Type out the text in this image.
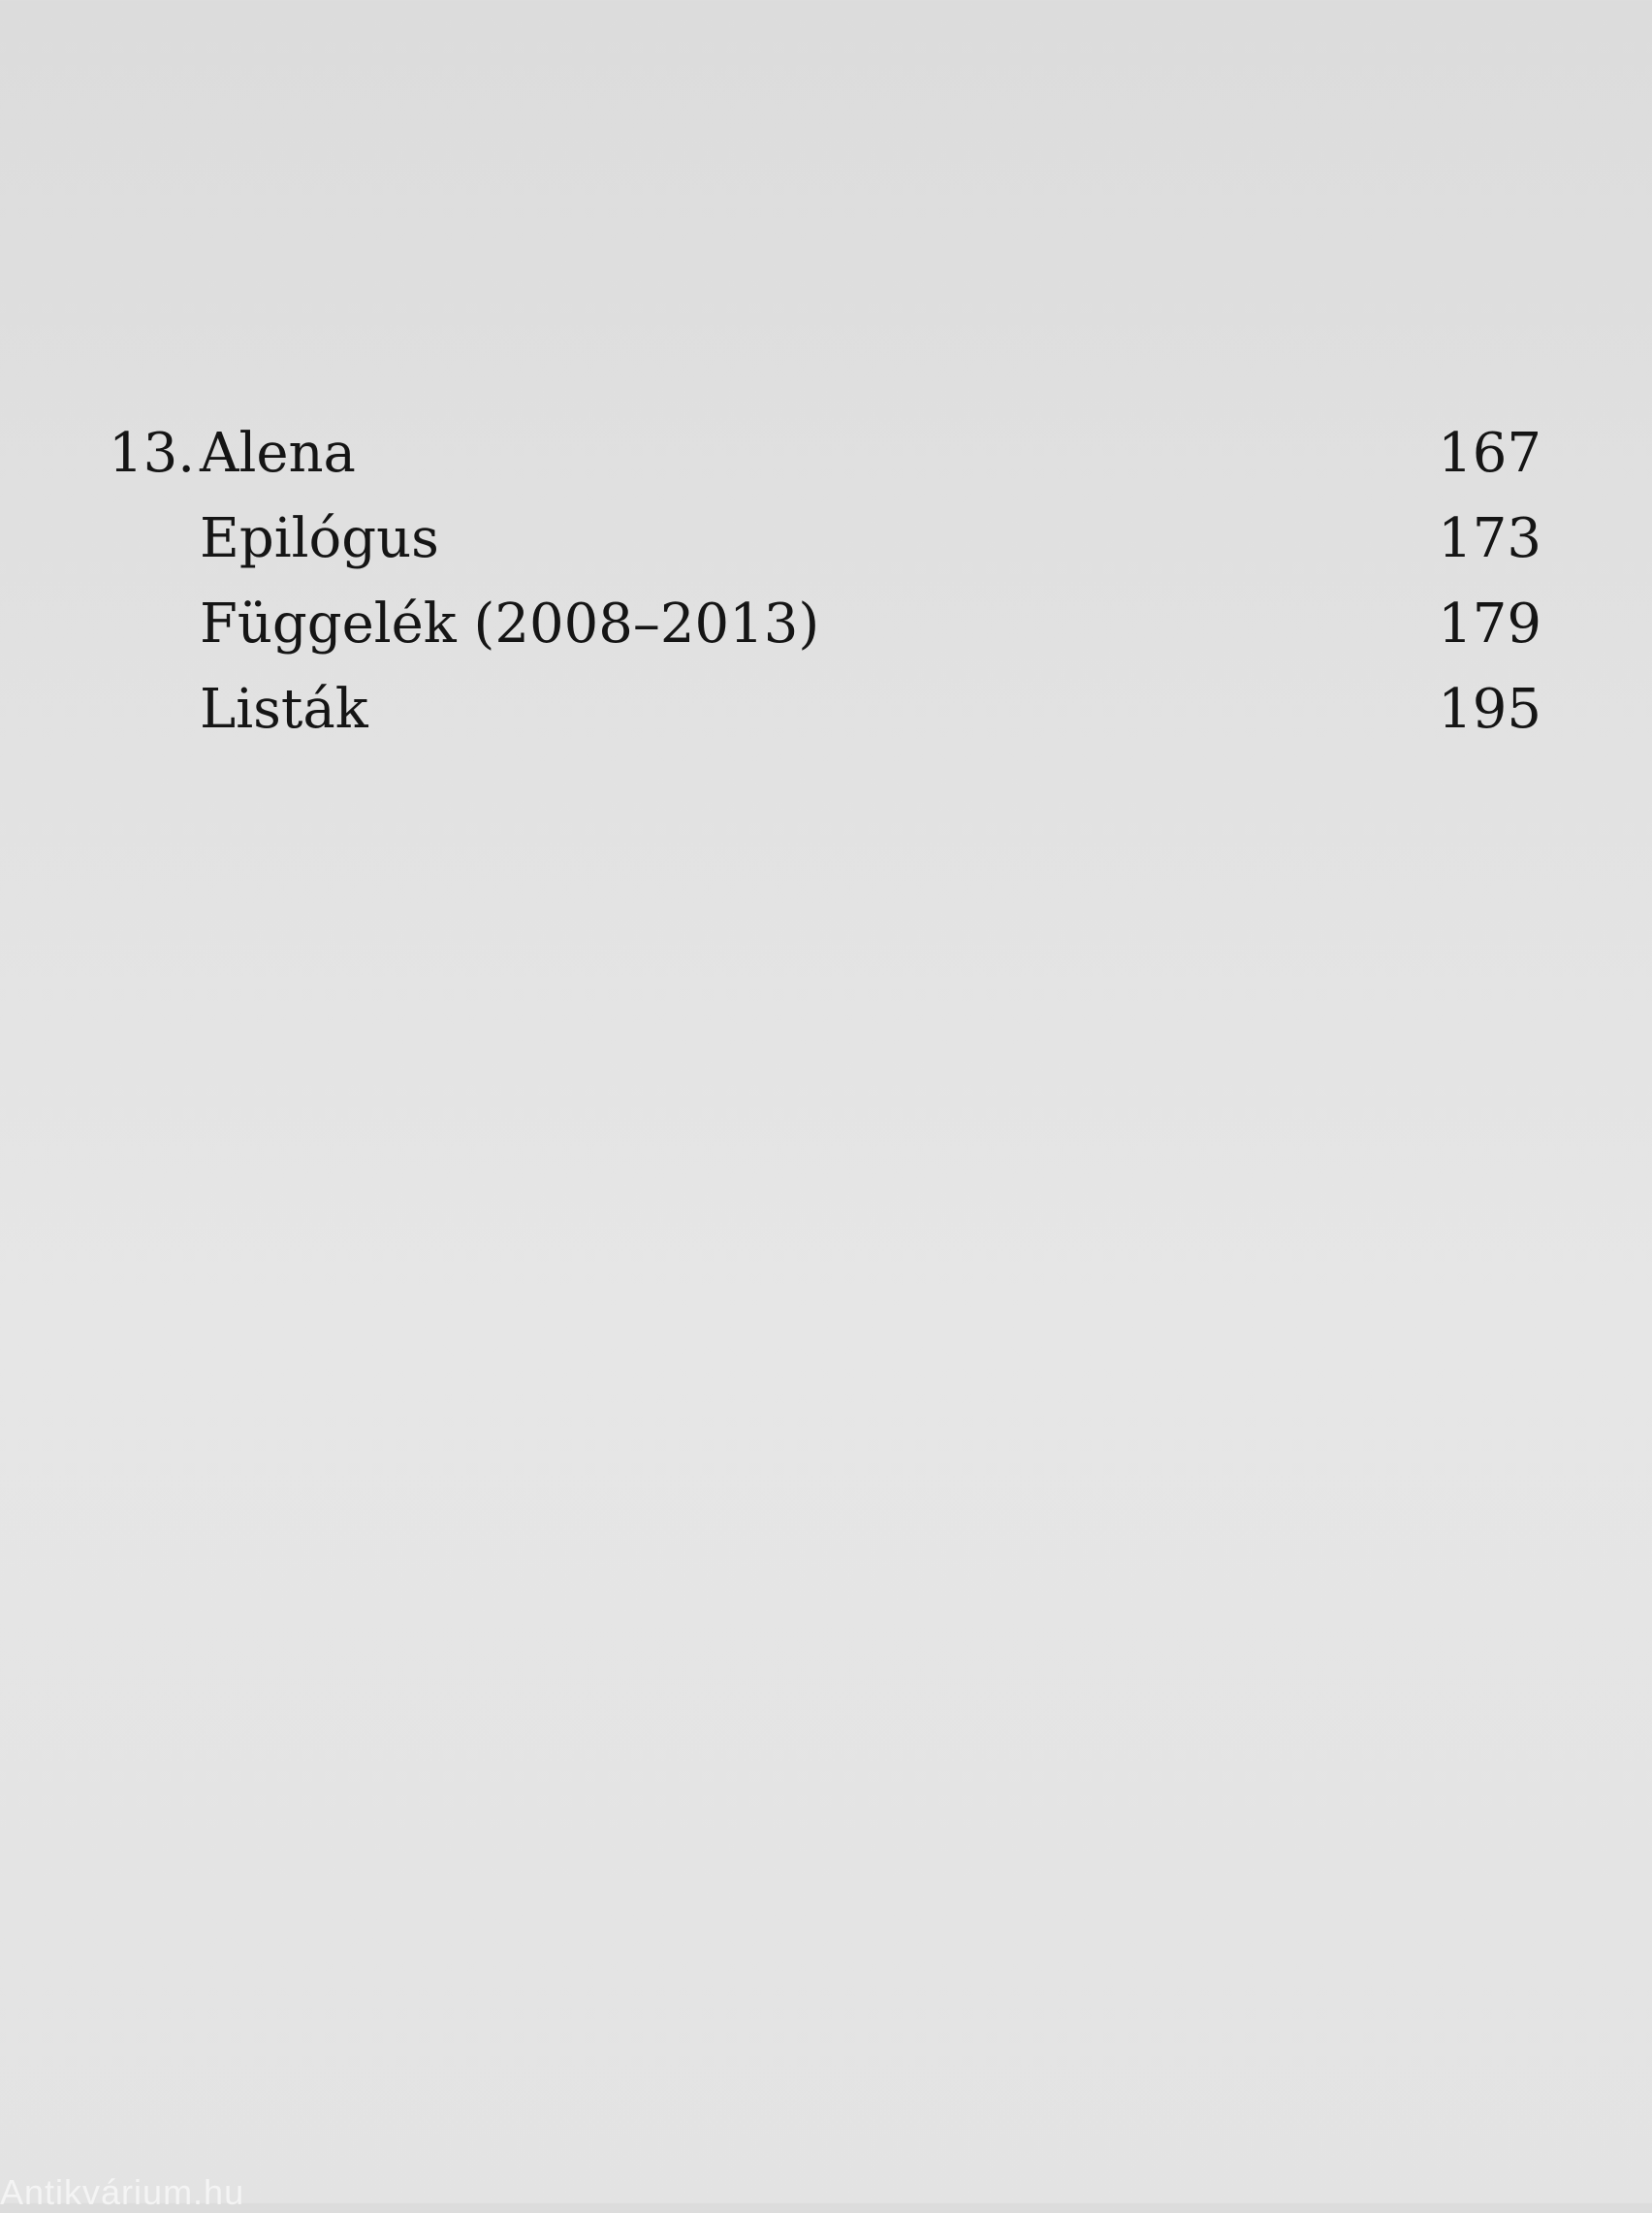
13. Alena	167
Epilógus	173
Függelék (2008–2013)	179
Listák	195
Antikvárium.hu
